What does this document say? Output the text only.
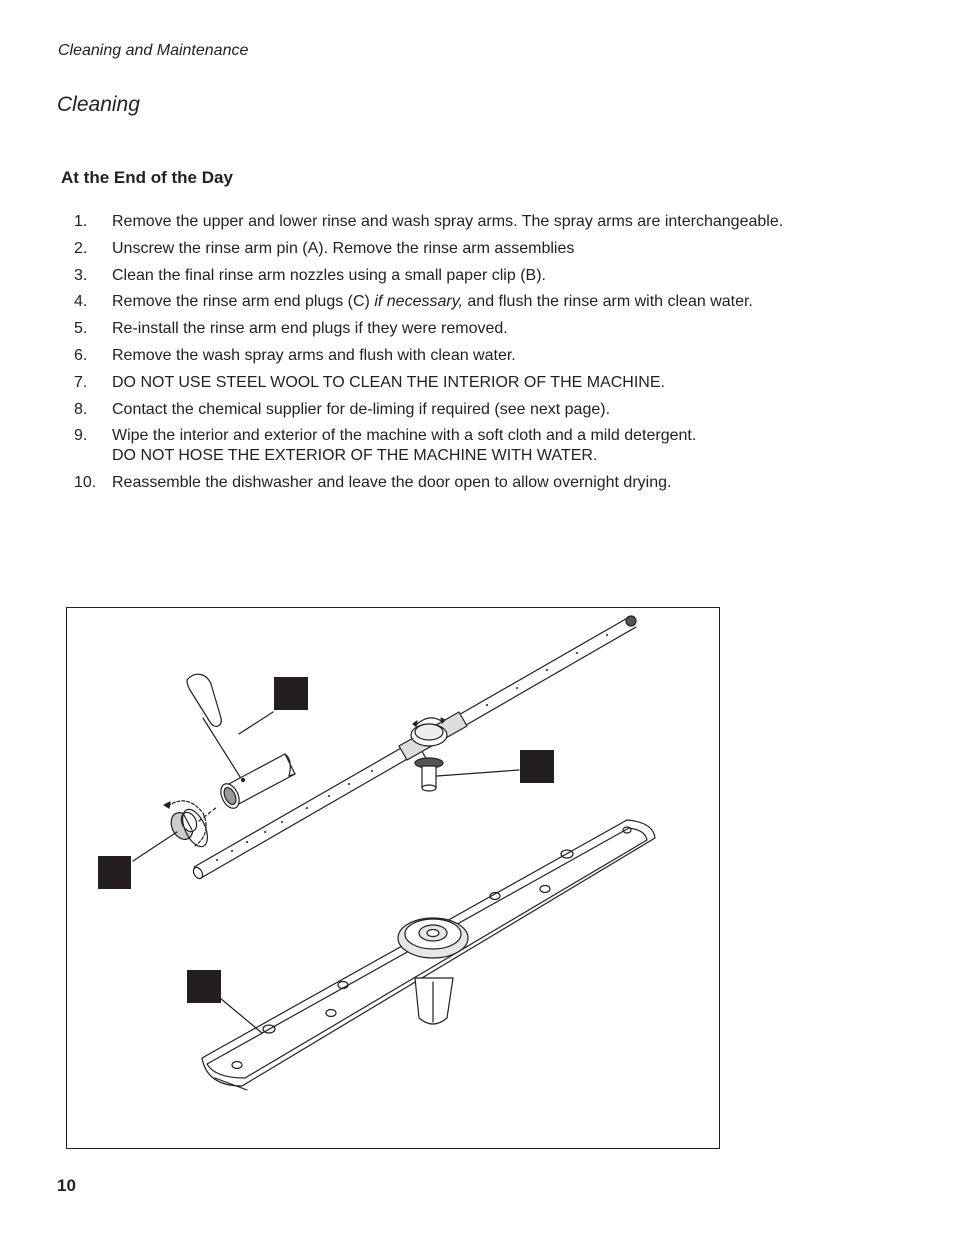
Cleaning and Maintenance
Cleaning
At the End of the Day
1.	Remove the upper and lower rinse and wash spray arms. The spray arms are interchangeable.
2.	Unscrew the rinse arm pin (A). Remove the rinse arm assemblies
3.	Clean the final rinse arm nozzles using a small paper clip (B).
4.	Remove the rinse arm end plugs (C) if necessary, and flush the rinse arm with clean water.
5.	Re-install the rinse arm end plugs if they were removed.
6.	Remove the wash spray arms and flush with clean water.
7.	DO NOT USE STEEL WOOL TO CLEAN THE INTERIOR OF THE MACHINE.
8.	Contact the chemical supplier for de-liming if required (see next page).
9.	Wipe the interior and exterior of the machine with a soft cloth and a mild detergent.
DO NOT HOSE THE EXTERIOR OF THE MACHINE WITH WATER.
10. Reassemble the dishwasher and leave the door open to allow overnight drying.
10
